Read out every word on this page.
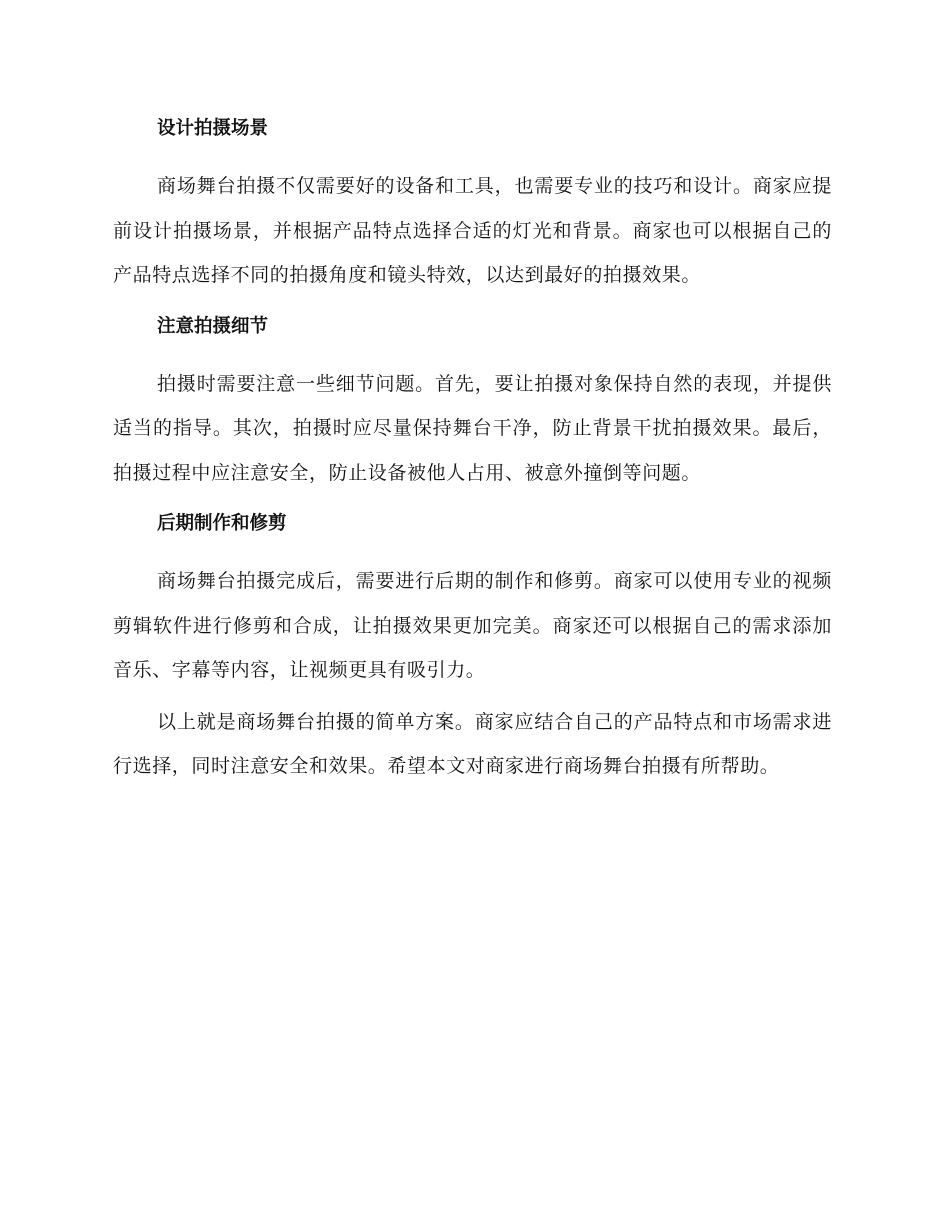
设计拍摄场景

商场舞台拍摄不仅需要好的设备和工具，也需要专业的技巧和设计。商家应提前设计拍摄场景，并根据产品特点选择合适的灯光和背景。商家也可以根据自己的产品特点选择不同的拍摄角度和镜头特效，以达到最好的拍摄效果。

注意拍摄细节

拍摄时需要注意一些细节问题。首先，要让拍摄对象保持自然的表现，并提供适当的指导。其次，拍摄时应尽量保持舞台干净，防止背景干扰拍摄效果。最后，拍摄过程中应注意安全，防止设备被他人占用、被意外撞倒等问题。

后期制作和修剪

商场舞台拍摄完成后，需要进行后期的制作和修剪。商家可以使用专业的视频剪辑软件进行修剪和合成，让拍摄效果更加完美。商家还可以根据自己的需求添加音乐、字幕等内容，让视频更具有吸引力。

以上就是商场舞台拍摄的简单方案。商家应结合自己的产品特点和市场需求进行选择，同时注意安全和效果。希望本文对商家进行商场舞台拍摄有所帮助。
